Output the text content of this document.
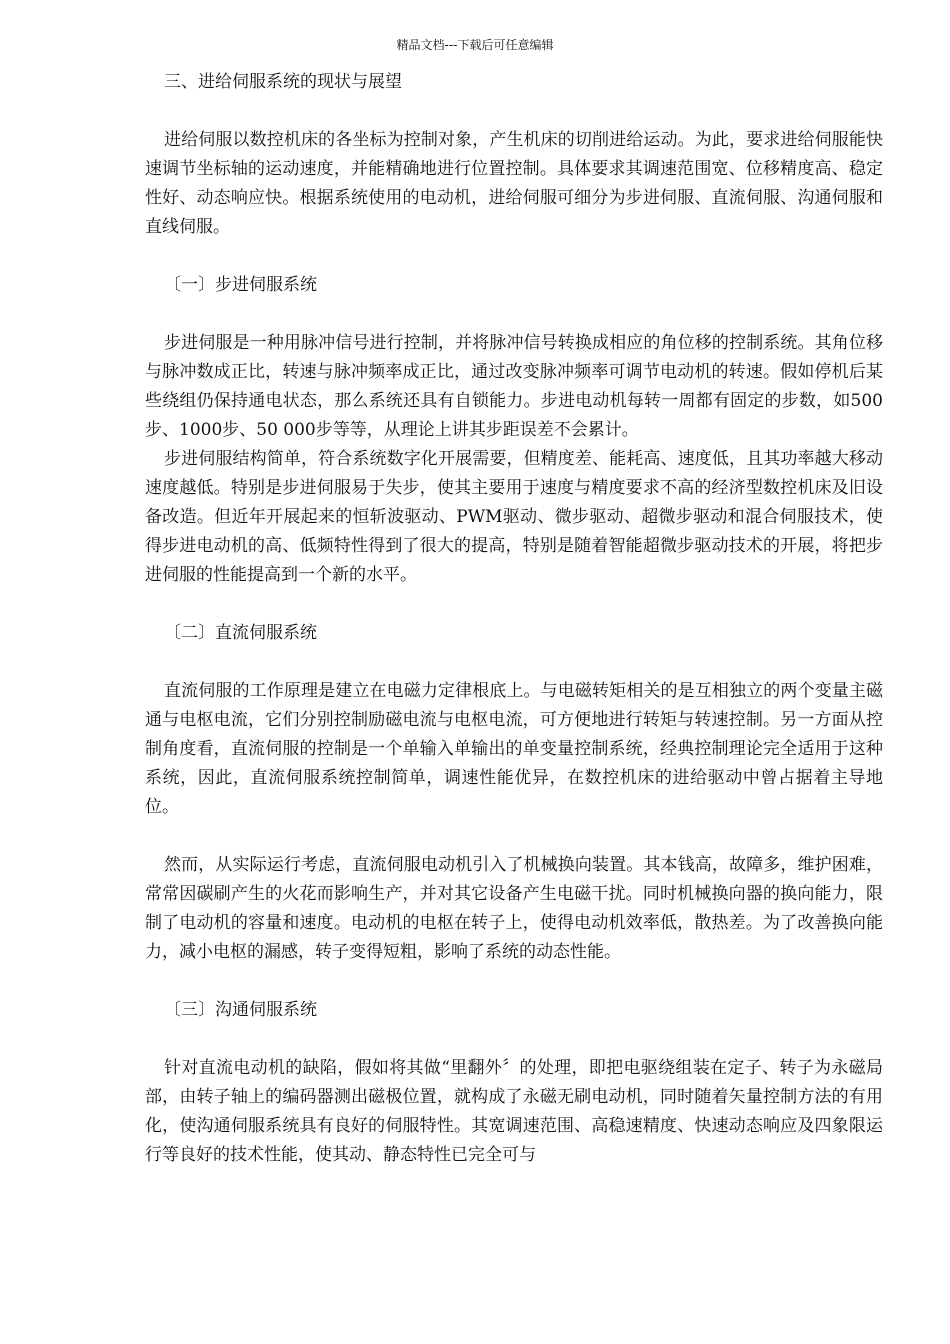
精品文档---下载后可任意编辑

三、进给伺服系统的现状与展望

进给伺服以数控机床的各坐标为控制对象，产生机床的切削进给运动。为此，要求进给伺服能快速调节坐标轴的运动速度，并能精确地进行位置控制。具体要求其调速范围宽、位移精度高、稳定性好、动态响应快。根据系统使用的电动机，进给伺服可细分为步进伺服、直流伺服、沟通伺服和直线伺服。

〔一〕步进伺服系统

步进伺服是一种用脉冲信号进行控制，并将脉冲信号转换成相应的角位移的控制系统。其角位移与脉冲数成正比，转速与脉冲频率成正比，通过改变脉冲频率可调节电动机的转速。假如停机后某些绕组仍保持通电状态，那么系统还具有自锁能力。步进电动机每转一周都有固定的步数，如500步、1000步、50 000步等等，从理论上讲其步距误差不会累计。

步进伺服结构简单，符合系统数字化开展需要，但精度差、能耗高、速度低，且其功率越大移动速度越低。特别是步进伺服易于失步，使其主要用于速度与精度要求不高的经济型数控机床及旧设备改造。但近年开展起来的恒斩波驱动、PWM驱动、微步驱动、超微步驱动和混合伺服技术，使得步进电动机的高、低频特性得到了很大的提高，特别是随着智能超微步驱动技术的开展，将把步进伺服的性能提高到一个新的水平。

〔二〕直流伺服系统

直流伺服的工作原理是建立在电磁力定律根底上。与电磁转矩相关的是互相独立的两个变量主磁通与电枢电流，它们分别控制励磁电流与电枢电流，可方便地进行转矩与转速控制。另一方面从控制角度看，直流伺服的控制是一个单输入单输出的单变量控制系统，经典控制理论完全适用于这种系统，因此，直流伺服系统控制简单，调速性能优异，在数控机床的进给驱动中曾占据着主导地位。

然而，从实际运行考虑，直流伺服电动机引入了机械换向装置。其本钱高，故障多，维护困难，常常因碳刷产生的火花而影响生产，并对其它设备产生电磁干扰。同时机械换向器的换向能力，限制了电动机的容量和速度。电动机的电枢在转子上，使得电动机效率低，散热差。为了改善换向能力，减小电枢的漏感，转子变得短粗，影响了系统的动态性能。

〔三〕沟通伺服系统

针对直流电动机的缺陷，假如将其做“里翻外〞的处理，即把电驱绕组装在定子、转子为永磁局部，由转子轴上的编码器测出磁极位置，就构成了永磁无刷电动机，同时随着矢量控制方法的有用化，使沟通伺服系统具有良好的伺服特性。其宽调速范围、高稳速精度、快速动态响应及四象限运行等良好的技术性能，使其动、静态特性已完全可与
